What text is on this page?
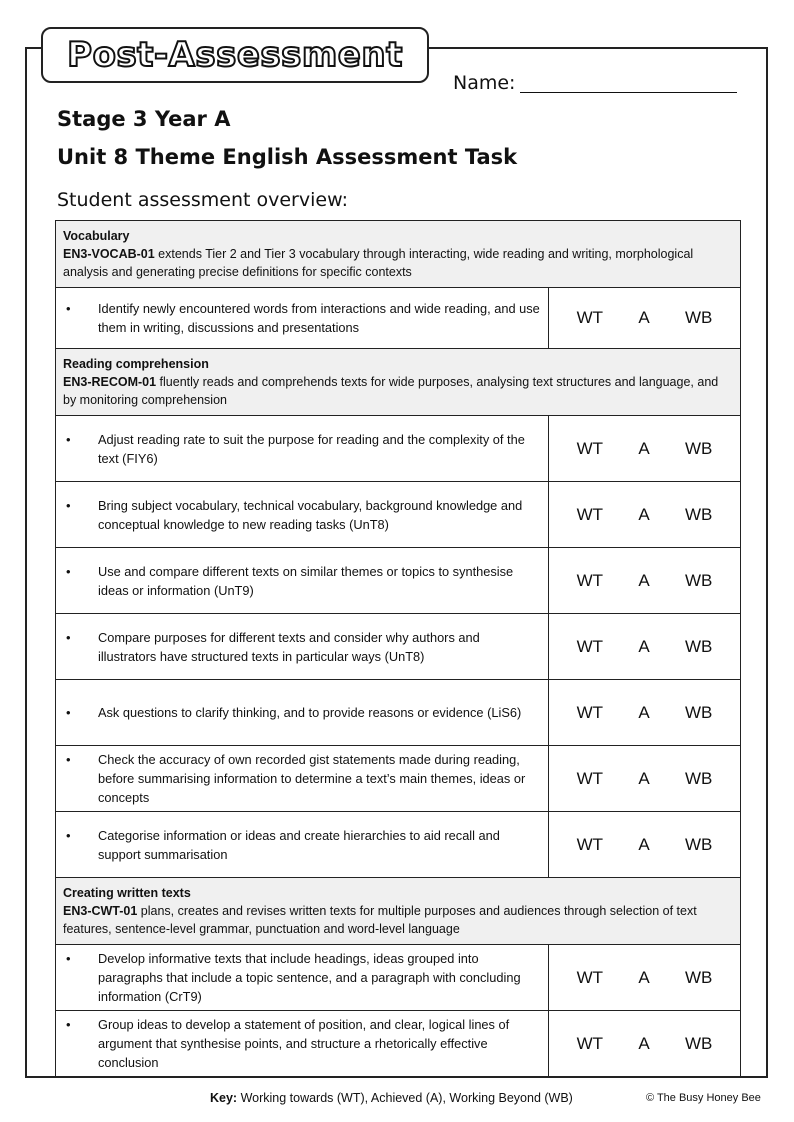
Post-Assessment
Name:
Stage 3 Year A
Unit 8 Theme English Assessment Task
Student assessment overview:
Vocabulary
EN3-VOCAB-01 extends Tier 2 and Tier 3 vocabulary through interacting, wide reading and writing, morphological analysis and generating precise definitions for specific contexts	

• Identify newly encountered words from interactions and wide reading, and use them in writing, discussions and presentations	WT A WB

Reading comprehension
EN3-RECOM-01 fluently reads and comprehends texts for wide purposes, analysing text structures and language, and by monitoring comprehension	

• Adjust reading rate to suit the purpose for reading and the complexity of the text (FIY6)	WT A WB

• Bring subject vocabulary, technical vocabulary, background knowledge and conceptual knowledge to new reading tasks (UnT8)	WT A WB

• Use and compare different texts on similar themes or topics to synthesise ideas or information (UnT9)	WT A WB

• Compare purposes for different texts and consider why authors and illustrators have structured texts in particular ways (UnT8)	WT A WB

• Ask questions to clarify thinking, and to provide reasons or evidence (LiS6)	WT A WB

• Check the accuracy of own recorded gist statements made during reading, before summarising information to determine a text’s main themes, ideas or concepts	WT A WB

• Categorise information or ideas and create hierarchies to aid recall and support summarisation	WT A WB

Creating written texts
EN3-CWT-01 plans, creates and revises written texts for multiple purposes and audiences through selection of text features, sentence-level grammar, punctuation and word-level language	

• Develop informative texts that include headings, ideas grouped into paragraphs that include a topic sentence, and a paragraph with concluding information (CrT9)	WT A WB

• Group ideas to develop a statement of position, and clear, logical lines of argument that synthesise points, and structure a rhetorically effective conclusion	WT A WB
Key: Working towards (WT), Achieved (A), Working Beyond (WB)	© The Busy Honey Bee
